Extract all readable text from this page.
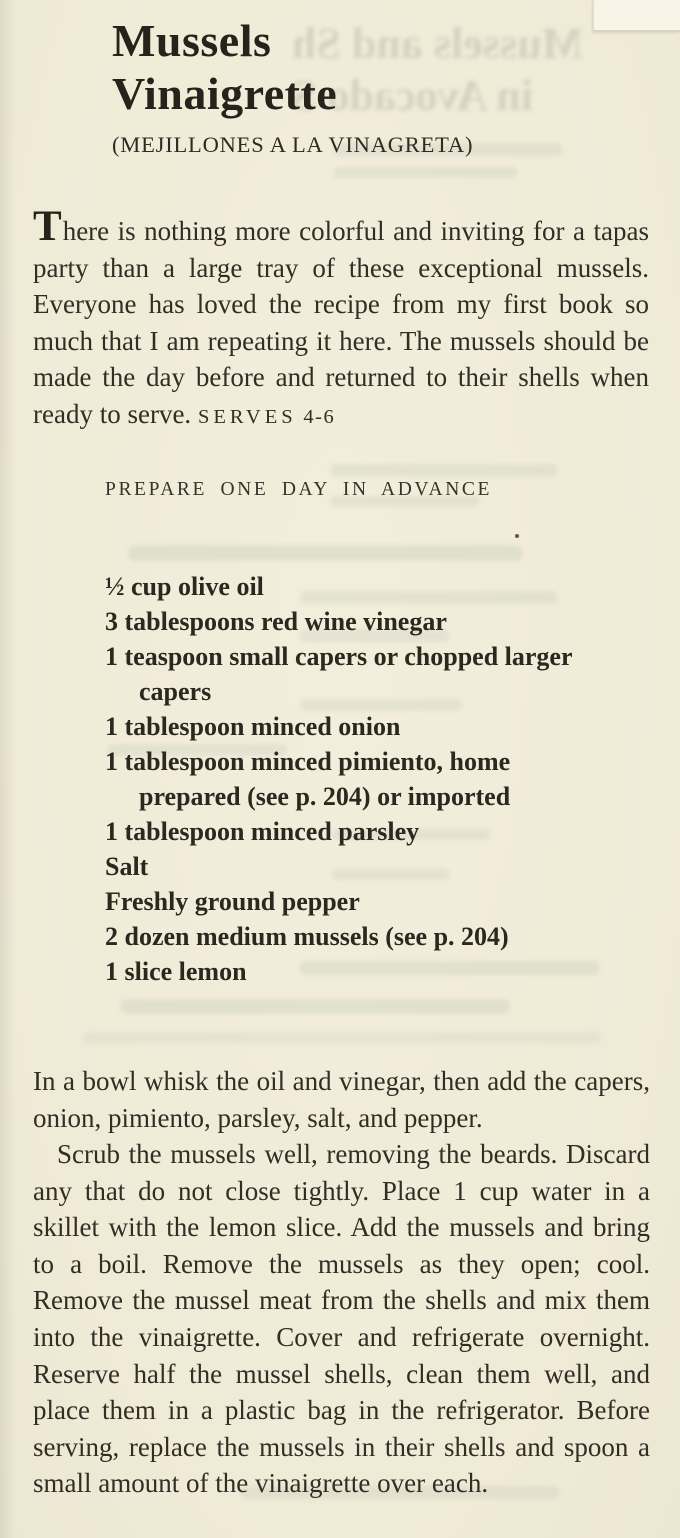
Mussels and Sh
in Avocado S
Mussels
Vinaigrette
(MEJILLONES A LA VINAGRETA)

There is nothing more colorful and inviting for a tapas party than a large tray of these exceptional mussels. Everyone has loved the recipe from my first book so much that I am repeating it here. The mussels should be made the day before and returned to their shells when ready to serve. SERVES 4-6

PREPARE ONE DAY IN ADVANCE
½ cup olive oil
3 tablespoons red wine vinegar
1 teaspoon small capers or chopped larger capers
1 tablespoon minced onion
1 tablespoon minced pimiento, home prepared (see p. 204) or imported
1 tablespoon minced parsley
Salt
Freshly ground pepper
2 dozen medium mussels (see p. 204)
1 slice lemon

In a bowl whisk the oil and vinegar, then add the capers, onion, pimiento, parsley, salt, and pepper.

Scrub the mussels well, removing the beards. Discard any that do not close tightly. Place 1 cup water in a skillet with the lemon slice. Add the mussels and bring to a boil. Remove the mussels as they open; cool. Remove the mussel meat from the shells and mix them into the vinaigrette. Cover and refrigerate overnight. Reserve half the mussel shells, clean them well, and place them in a plastic bag in the refrigerator. Before serving, replace the mussels in their shells and spoon a small amount of the vinaigrette over each.
